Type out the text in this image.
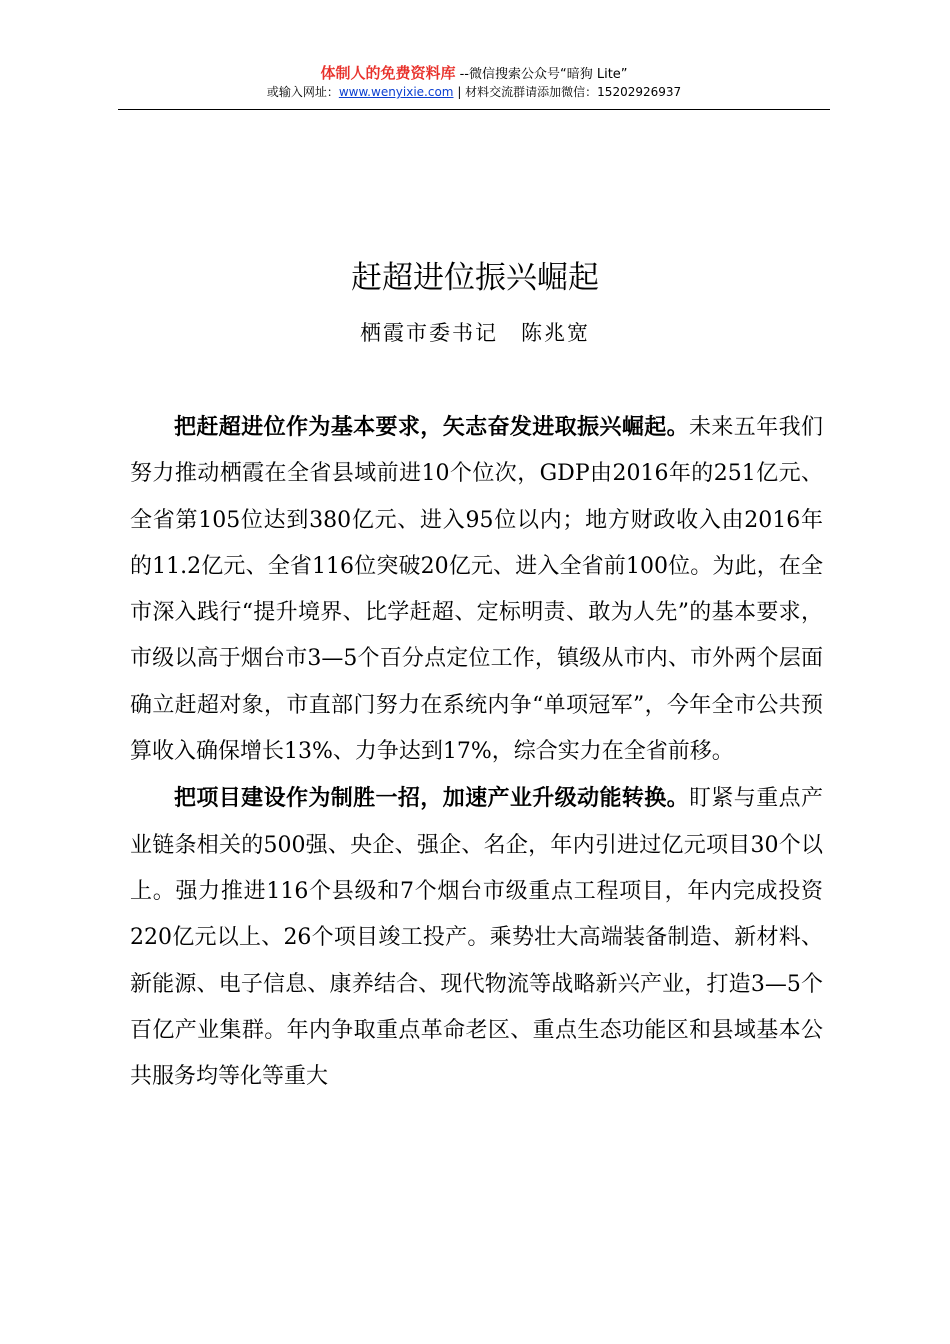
体制人的免费资料库 --微信搜索公众号“暗狗 Lite”
或输入网址：www.wenyixie.com | 材料交流群请添加微信：15202926937
赶超进位振兴崛起
栖霞市委书记　陈兆宽

把赶超进位作为基本要求，矢志奋发进取振兴崛起。未来五年我们努力推动栖霞在全省县域前进10个位次，GDP由2016年的251亿元、全省第105位达到380亿元、进入95位以内；地方财政收入由2016年的11.2亿元、全省116位突破20亿元、进入全省前100位。为此，在全市深入践行“提升境界、比学赶超、定标明责、敢为人先”的基本要求，市级以高于烟台市3—5个百分点定位工作，镇级从市内、市外两个层面确立赶超对象，市直部门努力在系统内争“单项冠军”，今年全市公共预算收入确保增长13%、力争达到17%，综合实力在全省前移。

把项目建设作为制胜一招，加速产业升级动能转换。盯紧与重点产业链条相关的500强、央企、强企、名企，年内引进过亿元项目30个以上。强力推进116个县级和7个烟台市级重点工程项目，年内完成投资220亿元以上、26个项目竣工投产。乘势壮大高端装备制造、新材料、新能源、电子信息、康养结合、现代物流等战略新兴产业，打造3—5个百亿产业集群。年内争取重点革命老区、重点生态功能区和县域基本公共服务均等化等重大
